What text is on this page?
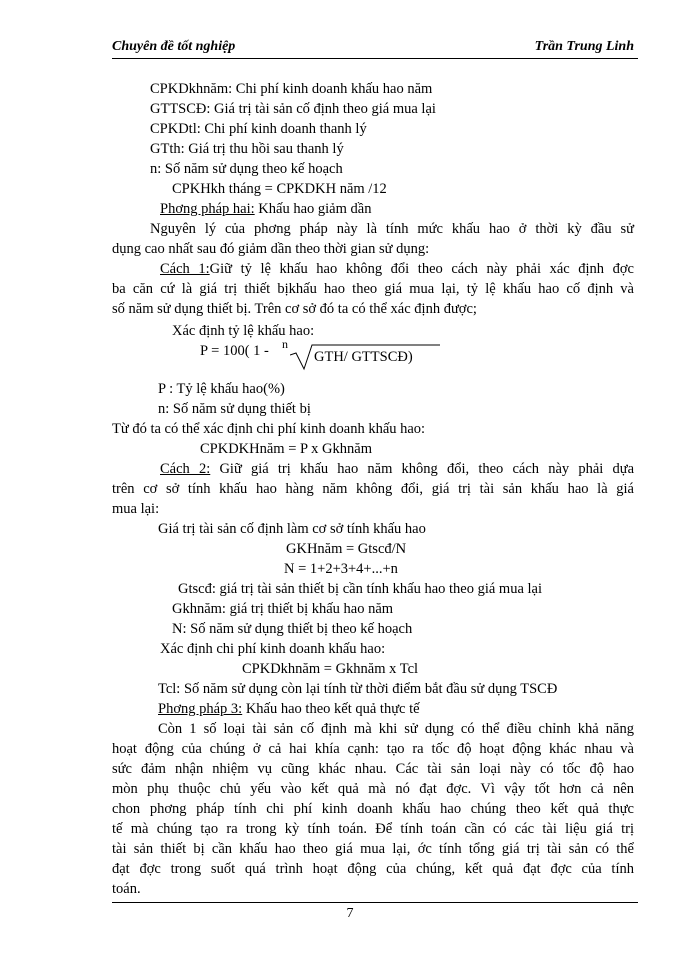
Chuyên đề tốt nghiệp	Trần Trung Linh
CPKDkhnăm: Chi phí kinh doanh khấu hao năm
GTTSCĐ: Giá trị tài sản cố định theo giá mua lại
CPKDtl: Chi phí kinh doanh thanh lý
GTth: Giá trị thu hồi sau thanh lý
n: Số năm sử dụng theo kế hoạch
CPKHkh tháng = CPKDKH năm /12
Phơng pháp hai: Khấu hao giảm dần
Nguyên lý của phơng pháp này là tính mức khấu hao ở thời kỳ đầu sử
dụng cao nhất sau đó giảm dần theo thời gian sử dụng:
Cách 1:Giữ tỷ lệ khấu hao không đổi theo cách này phải xác định đợc
ba căn cứ là giá trị thiết bịkhấu hao theo giá mua lại, tỷ lệ khấu hao cố định và
số năm sử dụng thiết bị. Trên cơ sở đó ta có thể xác định được;
Xác định tỷ lệ khấu hao:
P = 100( 1 - n
GTH/ GTTSCĐ)
P : Tỷ lệ khấu hao(%)
n: Số năm sử dụng thiết bị
Từ đó ta có thể xác định chi phí kinh doanh khấu hao:
CPKDKHnăm = P x Gkhnăm
Cách 2: Giữ giá trị khấu hao năm không đổi, theo cách này phải dựa
trên cơ sở tính khấu hao hàng năm không đổi, giá trị tài sản khấu hao là giá
mua lại:
Giá trị tài sản cố định làm cơ sở tính khấu hao
GKHnăm = Gtscđ/N
N = 1+2+3+4+...+n
Gtscđ: giá trị tài sản thiết bị cần tính khấu hao theo giá mua lại
Gkhnăm: giá trị thiết bị khấu hao năm
N: Số năm sử dụng thiết bị theo kế hoạch
Xác định chi phí kinh doanh khấu hao:
CPKDkhnăm = Gkhnăm x Tcl
Tcl: Số năm sử dụng còn lại tính từ thời điểm bắt đầu sử dụng TSCĐ
Phơng pháp 3: Khấu hao theo kết quả thực tế
Còn 1 số loại tài sản cố định mà khi sử dụng có thể điều chỉnh khả năng
hoạt động của chúng ở cả hai khía cạnh: tạo ra tốc độ hoạt động khác nhau và
sức đảm nhận nhiệm vụ cũng khác nhau. Các tài sản loại này có tốc độ hao
mòn phụ thuộc chủ yếu vào kết quả mà nó đạt đợc. Vì vậy tốt hơn cả nên
chon phơng pháp tính chi phí kinh doanh khấu hao chúng theo kết quả thực
tế mà chúng tạo ra trong kỳ tính toán. Để tính toán cần có các tài liệu giá trị
tài sản thiết bị cần khấu hao theo giá mua lại, ớc tính tổng giá trị tài sản có thể
đạt đợc trong suốt quá trình hoạt động của chúng, kết quả đạt đợc của tính
toán.
7
